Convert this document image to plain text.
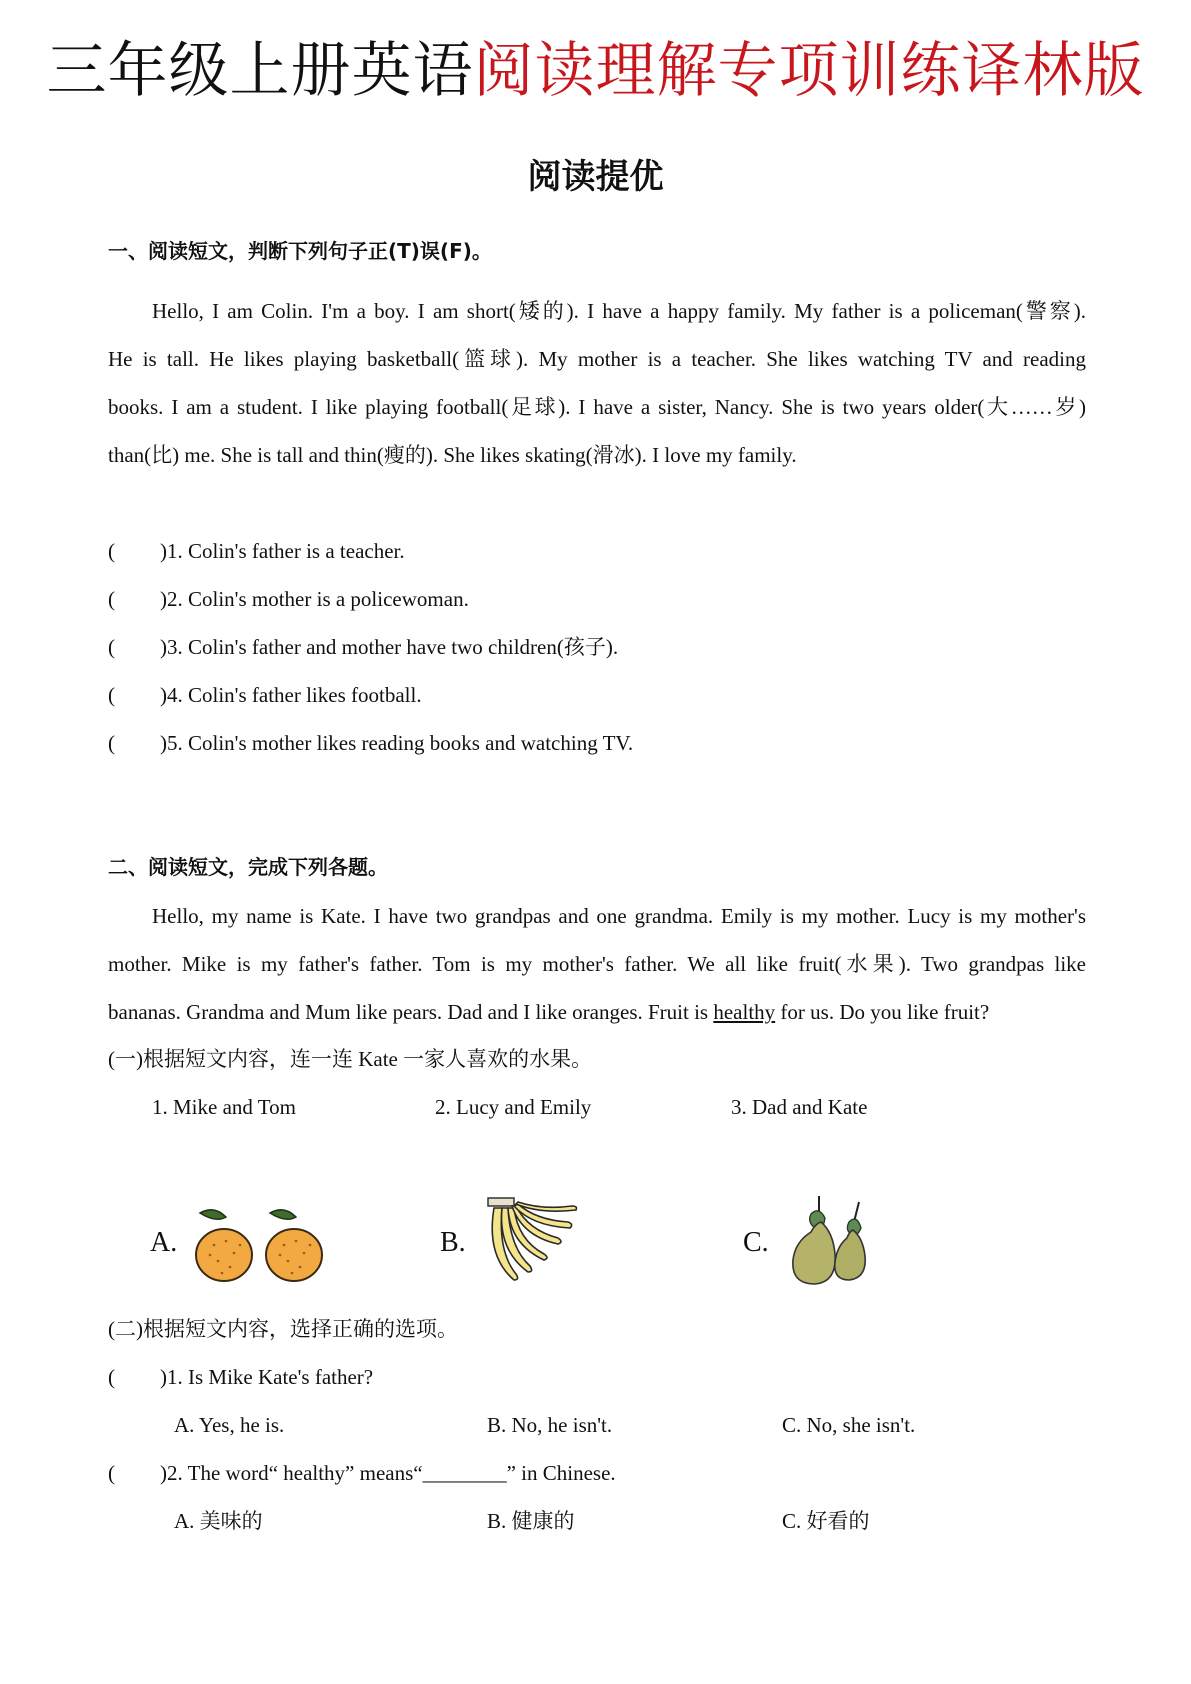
三年级上册英语阅读理解专项训练译林版
阅读提优
一、阅读短文，判断下列句子正(T)误(F)。
Hello, I am Colin. I'm a boy. I am short(矮的). I have a happy family. My father is a policeman(警察).
He is tall. He likes playing basketball(篮球). My mother is a teacher. She likes watching TV and reading
books. I am a student. I like playing football(足球). I have a sister, Nancy. She is two years older(大……岁)
than(比) me. She is tall and thin(瘦的). She likes skating(滑冰). I love my family.
( )1. Colin's father is a teacher.
( )2. Colin's mother is a policewoman.
( )3. Colin's father and mother have two children(孩子).
( )4. Colin's father likes football.
( )5. Colin's mother likes reading books and watching TV.
二、阅读短文，完成下列各题。
Hello, my name is Kate. I have two grandpas and one grandma. Emily is my mother. Lucy is my mother's
mother. Mike is my father's father. Tom is my mother's father. We all like fruit(水果). Two grandpas like
bananas. Grandma and Mum like pears. Dad and I like oranges. Fruit is healthy for us. Do you like fruit?
(一)根据短文内容，连一连 Kate 一家人喜欢的水果。
1. Mike and Tom	2. Lucy and Emily	3. Dad and Kate
A.	B.	C.
(二)根据短文内容，选择正确的选项。
( )1. Is Mike Kate's father?
A. Yes, he is.	B. No, he isn't.	C. No, she isn't.
( )2. The word“ healthy” means“________” in Chinese.
A. 美味的	B. 健康的	C. 好看的
